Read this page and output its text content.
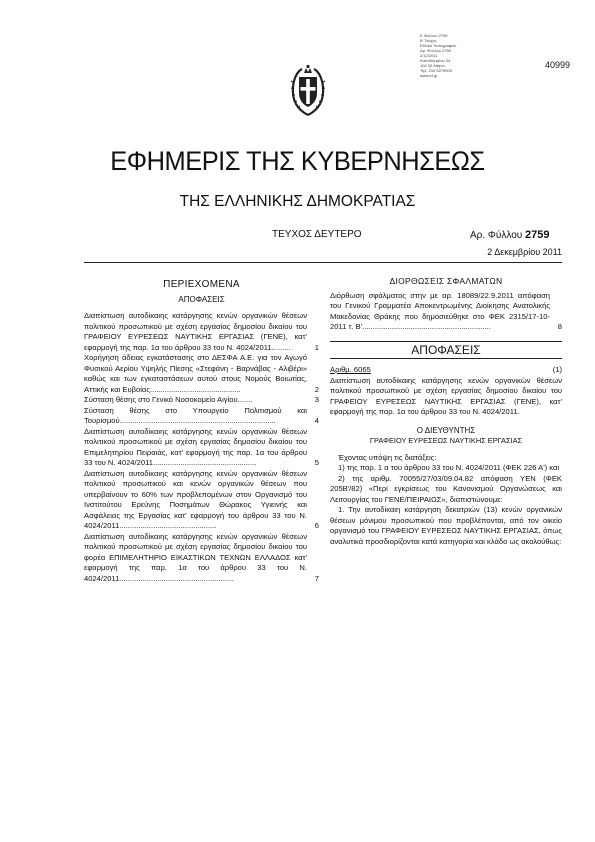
Ε.Φύλλου 2759
Β' Τεύχος
Εθνικό Τυπογραφείο
Αρ. Φύλλου 2759
2/12/2011
Καποδιστρίου 34
104 32 Αθήνα
Τηλ. 210 5279000
www.et.gr
40999
ΕΦΗΜΕΡΙΣ ΤΗΣ ΚΥΒΕΡΝΗΣΕΩΣ
ΤΗΣ ΕΛΛΗΝΙΚΗΣ ΔΗΜΟΚΡΑΤΙΑΣ
ΤΕΥΧΟΣ ΔΕΥΤΕΡΟ	Αρ. Φύλλου 2759
2 Δεκεμβρίου 2011
ΠΕΡΙΕΧΟΜΕΝΑ
ΑΠΟΦΑΣΕΙΣ
Διαπίστωση αυτοδίκαιης κατάργησης κενών οργανικών θέσεων πολιτικού προσωπικού με σχέση εργασίας δημοσίου δικαίου του ΓΡΑΦΕΙΟΥ ΕΥΡΕΣΕΩΣ ΝΑΥΤΙΚΗΣ ΕΡΓΑΣΙΑΣ (ΓΕΝΕ), κατ' εφαρμογή της παρ. 1α του άρθρου 33 του Ν. 4024/2011.........	1
Χορήγηση άδειας εγκατάστασης στο ΔΕΣΦΑ Α.Ε. για τον Αγωγό Φυσικού Αερίου Υψηλής Πίεσης «Στεφάνη - Βαρνάβας - Αλιβέρι» καθώς και των εγκαταστάσεων αυτού στους Νομούς Βοιωτίας, Αττικής και Ευβοίας...........................................	2
Σύσταση θέσης στο Γενικό Νοσοκομείο Αιγίου.......	3
Σύσταση θέσης στο Υπουργείο Πολιτισμού και Τουρισμού..........................................................................	4
Διαπίστωση αυτοδίκαιης κατάργησης κενών οργανικών θέσεων πολιτικού προσωπικού με σχέση εργασίας δημοσίου δικαίου του Επιμελητηρίου Πειραιάς, κατ' εφαρμογή της παρ. 1α του άρθρου 33 του Ν. 4024/2011.................................................	5
Διαπίστωση αυτοδίκαιης κατάργησης κενών οργανικών θέσεων πολιτικού προσωπικού και κενών οργανικών θέσεων που υπερβαίνουν το 60% των προβλεπομένων στον Οργανισμό του Ινστιτούτου Ερεύνης Ποσημάτων Θώρακος Υγιεινής και Ασφάλειας της Εργασίας κατ' εφαρμογή του άρθρου 33 του Ν. 4024/2011..............................................	6
Διαπίστωση αυτοδίκαιης κατάργησης κενών οργανικών θέσεων πολιτικού προσωπικού με σχέση εργασίας δημοσίου δικαίου του φορέα ΕΠΙΜΕΛΗΤΗΡΙΟ ΕΙΚΑΣΤΙΚΩΝ ΤΕΧΝΩΝ ΕΛΛΑΔΟΣ κατ' εφαρμογή της παρ. 1α του άρθρου 33 του Ν. 4024/2011......................................................	7
ΔΙΟΡΘΩΣΕΙΣ ΣΦΑΛΜΑΤΩΝ
Διόρθωση σφάλματος στην με αρ. 18089/22.9.2011 απόφαση του Γενικού Γραμματέα Αποκεντρωμένης Διοίκησης Ανατολικής Μακεδονίας Θράκης που δημοσιεύθηκε στο ΦΕΚ 2315/17-10-2011 τ. Β'.............................................................	8
ΑΠΟΦΑΣΕΙΣ
Αριθμ. 6065	(1)
Διαπίστωση αυτοδίκαιης κατάργησης κενών οργανικών θέσεων πολιτικού προσωπικού με σχέση εργασίας δημοσίου δικαίου του ΓΡΑΦΕΙΟΥ ΕΥΡΕΣΕΩΣ ΝΑΥΤΙΚΗΣ ΕΡΓΑΣΙΑΣ (ΓΕΝΕ), κατ' εφαρμογή της παρ. 1α του άρθρου 33 του Ν. 4024/2011.
Ο ΔΙΕΥΘΥΝΤΗΣ
ΓΡΑΦΕΙΟΥ ΕΥΡΕΣΕΩΣ ΝΑΥΤΙΚΗΣ ΕΡΓΑΣΙΑΣ
Έχοντας υπόψη τις διατάξεις:
1) της παρ. 1 α του άρθρου 33 του Ν. 4024/2011 (ΦΕΚ 226 Α') και
2) της αριθμ. 70055/27/03/09.04.82 απόφαση ΥΕΝ (ΦΕΚ 205Β'/82) «Περί εγκρίσεως του Κανονισμού Οργανώσεως και Λειτουργίας του ΓΕΝΕ/ΠΕΙΡΑΙΩΣ», διαπιστώνουμε:
1. Την αυτοδίκαιη κατάργηση δεκατριών (13) κενών οργανικών θέσεων μόνιμου προσωπικού που προβλέπονται, από τον οικείο οργανισμό του ΓΡΑΦΕΙΟΥ ΕΥΡΕΣΕΩΣ ΝΑΥΤΙΚΗΣ ΕΡΓΑΣΙΑΣ, όπως αναλυτικά προσδιορίζονται κατά κατηγορία και κλάδο ως ακολούθως:
